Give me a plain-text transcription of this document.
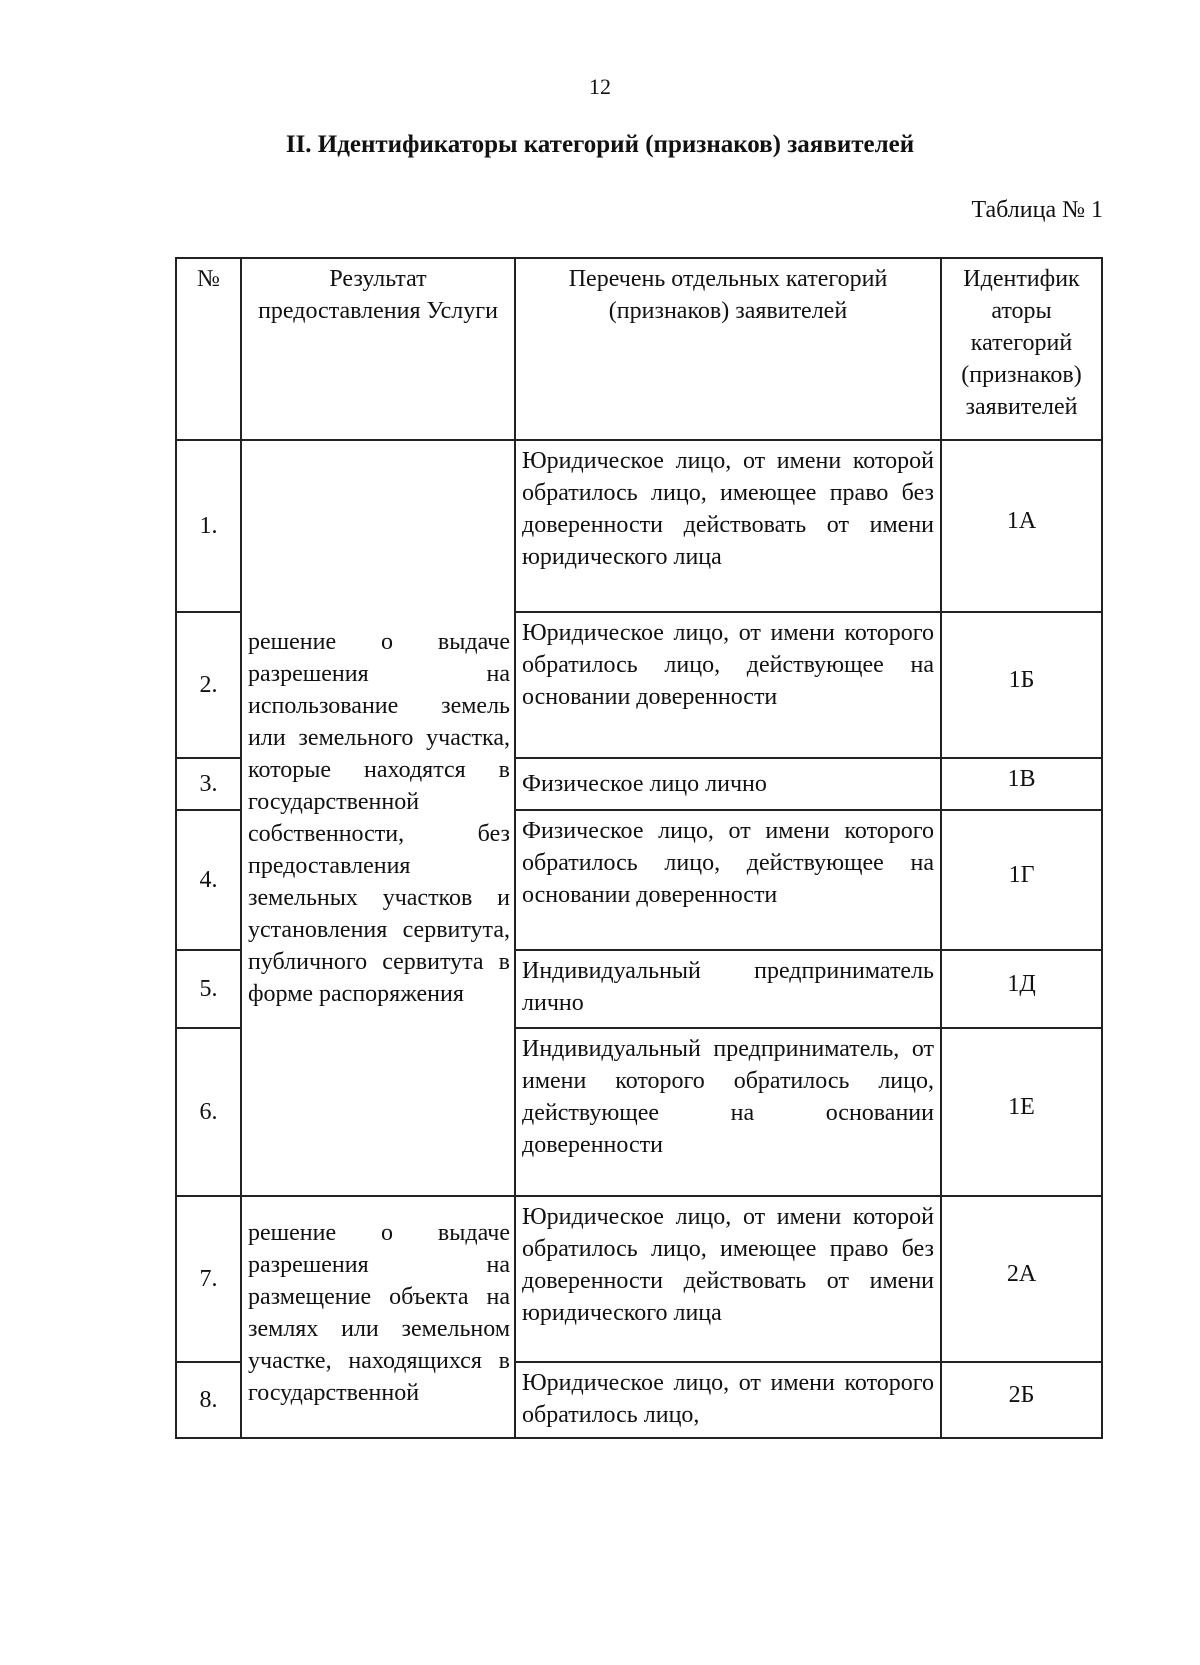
12
II. Идентификаторы категорий (признаков) заявителей
Таблица № 1
№	Результат предоставления Услуги	Перечень отдельных категорий (признаков) заявителей	Идентифик аторы категорий (признаков) заявителей
1.	решение о выдаче разрешения на использование земель или земельного участка, которые находятся в государственной собственности, без предоставления земельных участков и установления сервитута, публичного сервитута в форме распоряжения	Юридическое лицо, от имени которой обратилось лицо, имеющее право без доверенности действовать от имени юридического лица	1А
2.		Юридическое лицо, от имени которого обратилось лицо, действующее на основании доверенности	1Б
3.		Физическое лицо лично	1В
4.		Физическое лицо, от имени которого обратилось лицо, действующее на основании доверенности	1Г
5.		Индивидуальный предприниматель лично	1Д
6.		Индивидуальный предприниматель, от имени которого обратилось лицо, действующее на основании доверенности	1Е
7.	решение о выдаче разрешения на размещение объекта на землях или земельном участке, находящихся в государственной	Юридическое лицо, от имени которой обратилось лицо, имеющее право без доверенности действовать от имени юридического лица	2А
8.		Юридическое лицо, от имени которого обратилось лицо,	2Б
